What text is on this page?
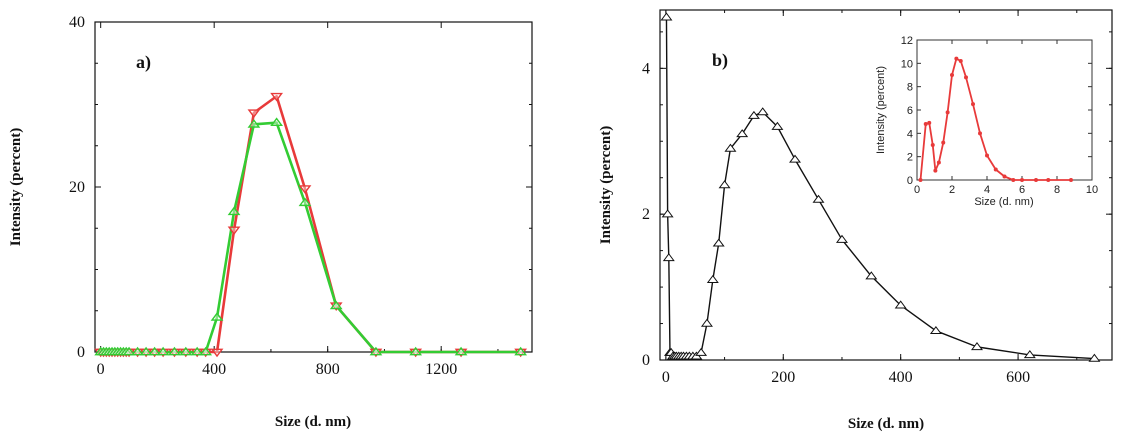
0	400	800	1200
0
20
40
a)
Size (d. nm)
Intensity (percent)
0	200	400	600
0
2
4	b)
Size (d. nm)
Intensity (percent)	0	2	4	6	8 10
0
2
4
6
8
10
12
Size (d. nm)
Intensity (percent)
